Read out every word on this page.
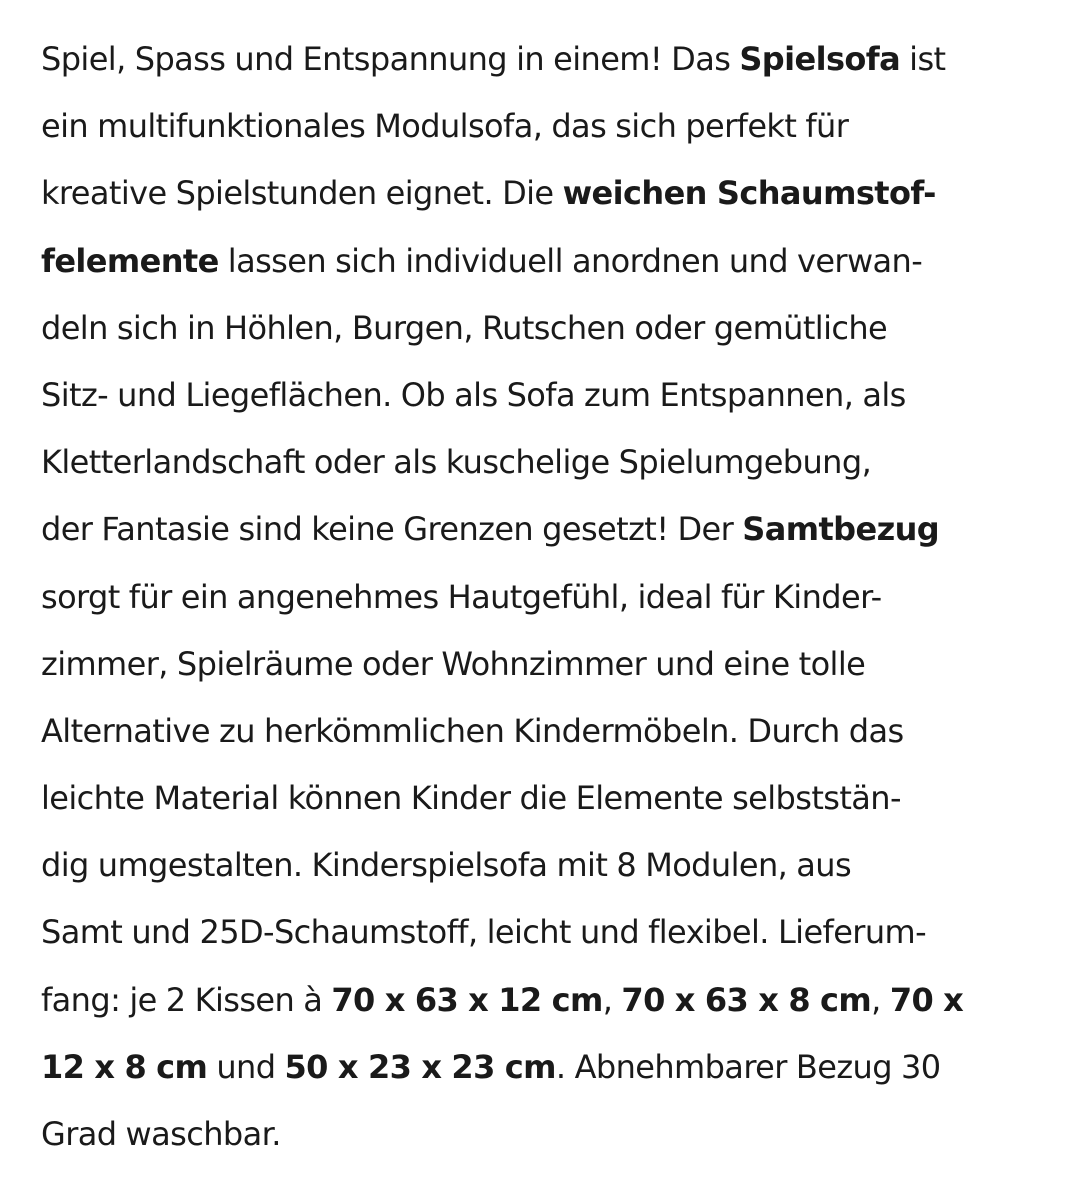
Spiel, Spass und Entspannung in einem! Das Spielsofa ist
ein multifunktionales Modulsofa, das sich perfekt für
kreative Spielstunden eignet. Die weichen Schaumstof-
felemente lassen sich individuell anordnen und verwan-
deln sich in Höhlen, Burgen, Rutschen oder gemütliche
Sitz- und Liegeflächen. Ob als Sofa zum Entspannen, als
Kletterlandschaft oder als kuschelige Spielumgebung,
der Fantasie sind keine Grenzen gesetzt! Der Samtbezug
sorgt für ein angenehmes Hautgefühl, ideal für Kinder-
zimmer, Spielräume oder Wohnzimmer und eine tolle
Alternative zu herkömmlichen Kindermöbeln. Durch das
leichte Material können Kinder die Elemente selbststän-
dig umgestalten. Kinderspielsofa mit 8 Modulen, aus
Samt und 25D-Schaumstoff, leicht und flexibel. Lieferum-
fang: je 2 Kissen à 70 x 63 x 12 cm, 70 x 63 x 8 cm, 70 x
12 x 8 cm und 50 x 23 x 23 cm. Abnehmbarer Bezug 30
Grad waschbar.
